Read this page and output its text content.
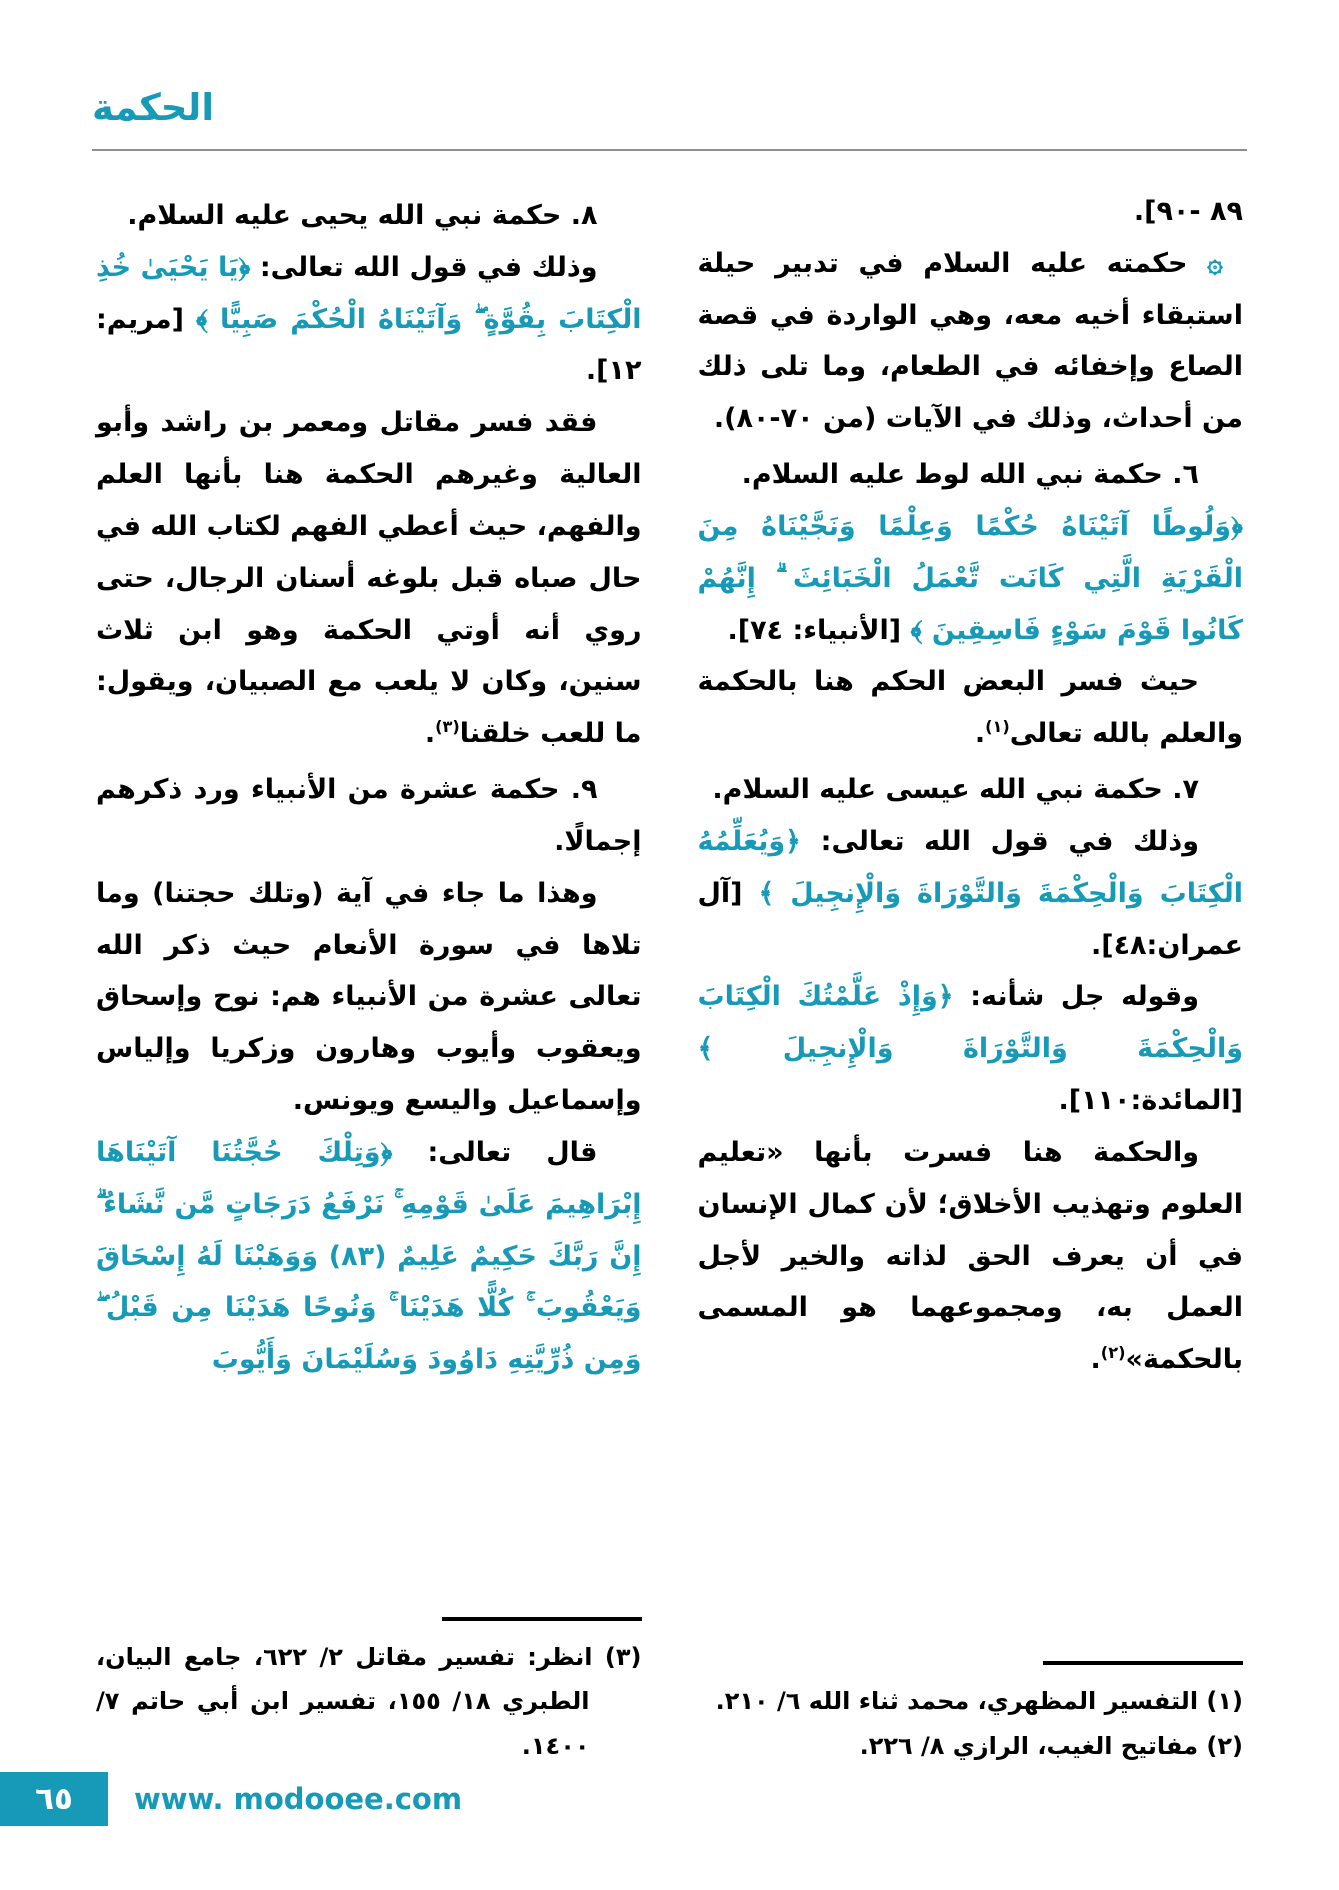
الحكمة

٨٩ -٩٠].

۞ حكمته عليه السلام في تدبير حيلة استبقاء أخيه معه، وهي الواردة في قصة الصاع وإخفائه في الطعام، وما تلى ذلك من أحداث، وذلك في الآيات (من ٧٠-٨٠).

٦. حكمة نبي الله لوط عليه السلام.

﴿وَلُوطًا آتَيْنَاهُ حُكْمًا وَعِلْمًا وَنَجَّيْنَاهُ مِنَ الْقَرْيَةِ الَّتِي كَانَت تَّعْمَلُ الْخَبَائِثَ ۗ إِنَّهُمْ كَانُوا قَوْمَ سَوْءٍ فَاسِقِينَ ﴾ [الأنبياء: ٧٤].

حيث فسر البعض الحكم هنا بالحكمة والعلم بالله تعالى$^{(١)}$.

٧. حكمة نبي الله عيسى عليه السلام.

وذلك في قول الله تعالى: ﴿وَيُعَلِّمُهُ الْكِتَابَ وَالْحِكْمَةَ وَالتَّوْرَاةَ وَالْإِنجِيلَ ﴾ [آل عمران:٤٨].

وقوله جل شأنه: ﴿وَإِذْ عَلَّمْتُكَ الْكِتَابَ وَالْحِكْمَةَ وَالتَّوْرَاةَ وَالْإِنجِيلَ ﴾ [المائدة:١١٠].

والحكمة هنا فسرت بأنها «تعليم العلوم وتهذيب الأخلاق؛ لأن كمال الإنسان في أن يعرف الحق لذاته والخير لأجل العمل به، ومجموعهما هو المسمى بالحكمة»$^{(٢)}$.

(١) التفسير المظهري، محمد ثناء الله ٦/ ٢١٠.

(٢) مفاتيح الغيب، الرازي ٨/ ٢٢٦.

٨. حكمة نبي الله يحيى عليه السلام.

وذلك في قول الله تعالى: ﴿يَا يَحْيَىٰ خُذِ الْكِتَابَ بِقُوَّةٍ ۖ وَآتَيْنَاهُ الْحُكْمَ صَبِيًّا ﴾ [مريم: ١٢].

فقد فسر مقاتل ومعمر بن راشد وأبو العالية وغيرهم الحكمة هنا بأنها العلم والفهم، حيث أعطي الفهم لكتاب الله في حال صباه قبل بلوغه أسنان الرجال، حتى روي أنه أوتي الحكمة وهو ابن ثلاث سنين، وكان لا يلعب مع الصبيان، ويقول: ما للعب خلقنا$^{(٣)}$.

٩. حكمة عشرة من الأنبياء ورد ذكرهم إجمالًا.

وهذا ما جاء في آية (وتلك حجتنا) وما تلاها في سورة الأنعام حيث ذكر الله تعالى عشرة من الأنبياء هم: نوح وإسحاق ويعقوب وأيوب وهارون وزكريا وإلياس وإسماعيل واليسع ويونس.

قال تعالى: ﴿وَتِلْكَ حُجَّتُنَا آتَيْنَاهَا إِبْرَاهِيمَ عَلَىٰ قَوْمِهِ ۚ نَرْفَعُ دَرَجَاتٍ مَّن نَّشَاءُ ۗ إِنَّ رَبَّكَ حَكِيمٌ عَلِيمٌ (٨٣) وَوَهَبْنَا لَهُ إِسْحَاقَ وَيَعْقُوبَ ۚ كُلًّا هَدَيْنَا ۚ وَنُوحًا هَدَيْنَا مِن قَبْلُ ۖ وَمِن ذُرِّيَّتِهِ دَاوُودَ وَسُلَيْمَانَ وَأَيُّوبَ

(٣) انظر: تفسير مقاتل ٢/ ٦٢٢، جامع البيان، الطبري ١٨/ ١٥٥، تفسير ابن أبي حاتم ٧/ ١٤٠٠.

٦٥ www. modooee.com
